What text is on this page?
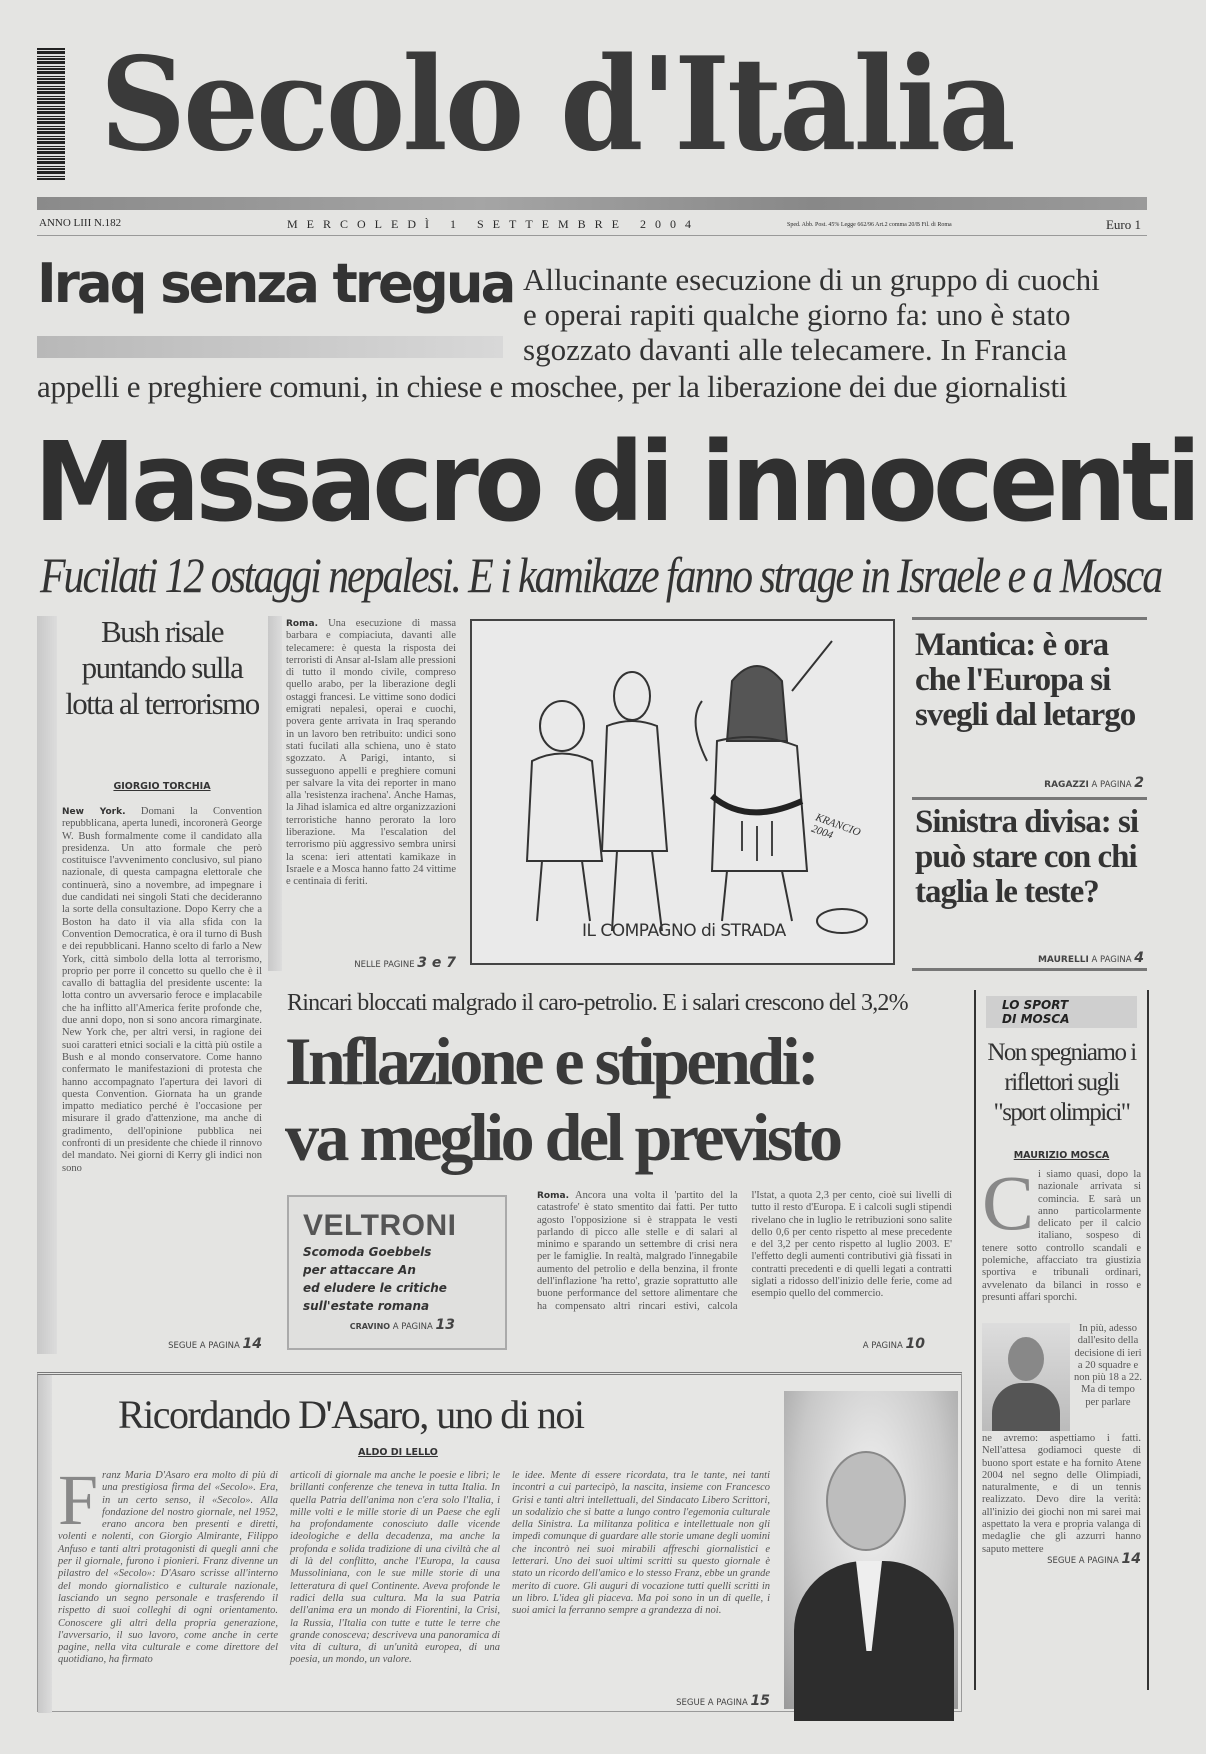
Secolo d'Italia
ANNO LIII N.182	MERCOLEDÌ 1 SETTEMBRE 2004	Sped. Abb. Post. 45% Legge 662/96 Art.2 comma 20/B Fil. di Roma	Euro 1
Iraq senza tregua Allucinante esecuzione di un gruppo di cuochi
e operai rapiti qualche giorno fa: uno è stato
sgozzato davanti alle telecamere. In Francia
appelli e preghiere comuni, in chiese e moschee, per la liberazione dei due giornalisti
Massacro di innocenti
Fucilati 12 ostaggi nepalesi. E i kamikaze fanno strage in Israele e a Mosca
Bush risale puntando sulla lotta al terrorismo
GIORGIO TORCHIA
New York. Domani la Convention repubblicana, aperta lunedì, incoronerà George W. Bush formalmente come il candidato alla presidenza. Un atto formale che però costituisce l'avvenimento conclusivo, sul piano nazionale, di questa campagna elettorale che continuerà, sino a novembre, ad impegnare i due candidati nei singoli Stati che decideranno la sorte della consultazione. Dopo Kerry che a Boston ha dato il via alla sfida con la Convention Democratica, è ora il turno di Bush e dei repubblicani. Hanno scelto di farlo a New York, città simbolo della lotta al terrorismo, proprio per porre il concetto su quello che è il cavallo di battaglia del presidente uscente: la lotta contro un avversario feroce e implacabile che ha inflitto all'America ferite profonde che, due anni dopo, non si sono ancora rimarginate. New York che, per altri versi, in ragione dei suoi caratteri etnici sociali e la città più ostile a Bush e al mondo conservatore. Come hanno confermato le manifestazioni di protesta che hanno accompagnato l'apertura dei lavori di questa Convention. Giornata ha un grande impatto mediatico perché è l'occasione per misurare il grado d'attenzione, ma anche di gradimento, dell'opinione pubblica nei confronti di un presidente che chiede il rinnovo del mandato. Nei giorni di Kerry gli indici non sono
SEGUE A PAGINA 14
Roma. Una esecuzione di massa barbara e compiaciuta, davanti alle telecamere: è questa la risposta dei terroristi di Ansar al-Islam alle pressioni di tutto il mondo civile, compreso quello arabo, per la liberazione degli ostaggi francesi. Le vittime sono dodici emigrati nepalesi, operai e cuochi, povera gente arrivata in Iraq sperando in un lavoro ben retribuito: undici sono stati fucilati alla schiena, uno è stato sgozzato. A Parigi, intanto, si susseguono appelli e preghiere comuni per salvare la vita dei reporter in mano alla 'resistenza irachena'. Anche Hamas, la Jihad islamica ed altre organizzazioni terroristiche hanno perorato la loro liberazione. Ma l'escalation del terrorismo più aggressivo sembra unirsi la scena: ieri attentati kamikaze in Israele e a Mosca hanno fatto 24 vittime e centinaia di feriti.
NELLE PAGINE 3 e 7
IL COMPAGNO di STRADA
KRANCIO 2004
Mantica: è ora che l'Europa si svegli dal letargo
RAGAZZI A PAGINA 2
Sinistra divisa: si può stare con chi taglia le teste?
MAURELLI A PAGINA 4
Rincari bloccati malgrado il caro-petrolio. E i salari crescono del 3,2%
Inflazione e stipendi:
va meglio del previsto
VELTRONI
Scomoda Goebbels
per attaccare An
ed eludere le critiche
sull'estate romana
CRAVINO A PAGINA 13
Roma. Ancora una volta il 'partito del la catastrofe' è stato smentito dai fatti. Per tutto agosto l'opposizione si è strappata le vesti parlando di picco alle stelle e di salari al minimo e sparando un settembre di crisi nera per le famiglie. In realtà, malgrado l'innegabile aumento del petrolio e della benzina, il fronte dell'inflazione 'ha retto', grazie soprattutto alle buone performance del settore alimentare che ha compensato altri rincari estivi, calcola l'Istat, a quota 2,3 per cento, cioè sui livelli di tutto il resto d'Europa. E i calcoli sugli stipendi rivelano che in luglio le retribuzioni sono salite dello 0,6 per cento rispetto al mese precedente e del 3,2 per cento rispetto al luglio 2003. E' l'effetto degli aumenti contributivi già fissati in contratti precedenti e di quelli legati a contratti siglati a ridosso dell'inizio delle ferie, come ad esempio quello del commercio.
A PAGINA 10
LO SPORT
DI MOSCA
Non spegniamo i riflettori sugli "sport olimpici"
MAURIZIO MOSCA
Ci siamo quasi, dopo la nazionale arrivata si comincia. E sarà un anno particolarmente delicato per il calcio italiano, sospeso di tenere sotto controllo scandali e polemiche, affacciato tra giustizia sportiva e tribunali ordinari, avvelenato da bilanci in rosso e presunti affari sporchi.
In più, adesso dall'esito della decisione di ieri a 20 squadre e non più 18 a 22. Ma di tempo per parlare
ne avremo: aspettiamo i fatti. Nell'attesa godiamoci queste di buono sport estate e ha fornito Atene 2004 nel segno delle Olimpiadi, naturalmente, e di un tennis realizzato. Devo dire la verità: all'inizio dei giochi non mi sarei mai aspettato la vera e propria valanga di medaglie che gli azzurri hanno saputo mettere
SEGUE A PAGINA 14
Ricordando D'Asaro, uno di noi
ALDO DI LELLO
Franz Maria D'Asaro era molto di più di una prestigiosa firma del «Secolo». Era, in un certo senso, il «Secolo». Alla fondazione del nostro giornale, nel 1952, erano ancora ben presenti e diretti, volenti e nolenti, con Giorgio Almirante, Filippo Anfuso e tanti altri protagonisti di quegli anni che per il giornale, furono i pionieri. Franz divenne un pilastro del «Secolo»: D'Asaro scrisse all'interno del mondo giornalistico e culturale nazionale, lasciando un segno personale e trasferendo il rispetto di suoi colleghi di ogni orientamento. Conoscere gli altri della propria generazione, l'avversario, il suo lavoro, come anche in certe pagine, nella vita culturale e come direttore del quotidiano, ha firmato
articoli di giornale ma anche le poesie e libri; le brillanti conferenze che teneva in tutta Italia. In quella Patria dell'anima non c'era solo l'Italia, i mille volti e le mille storie di un Paese che egli ha profondamente conosciuto dalle vicende ideologiche e della decadenza, ma anche la profonda e solida tradizione di una civiltà che al di là del conflitto, anche l'Europa, la causa Mussoliniana, con le sue mille storie di una letteratura di quel Continente. Aveva profonde le radici della sua cultura. Ma la sua Patria dell'anima era un mondo di Fiorentini, la Crisi, la Russia, l'Italia con tutte e tutte le terre che grande conosceva; descriveva una panoramica di vita di cultura, di un'unità europea, di una poesia, un mondo, un valore.
le idee. Mente di essere ricordata, tra le tante, nei tanti incontri a cui partecipò, la nascita, insieme con Francesco Grisi e tanti altri intellettuali, del Sindacato Libero Scrittori, un sodalizio che si batte a lungo contro l'egemonia culturale della Sinistra. La militanza politica e intellettuale non gli impedì comunque di guardare alle storie umane degli uomini che incontrò nei suoi mirabili affreschi giornalistici e letterari. Uno dei suoi ultimi scritti su questo giornale è stato un ricordo dell'amico e lo stesso Franz, ebbe un grande merito di cuore. Gli auguri di vocazione tutti quelli scritti in un libro. L'idea gli piaceva. Ma poi sono in un di quelle, i suoi amici la ferranno sempre a grandezza di noi.
SEGUE A PAGINA 15
